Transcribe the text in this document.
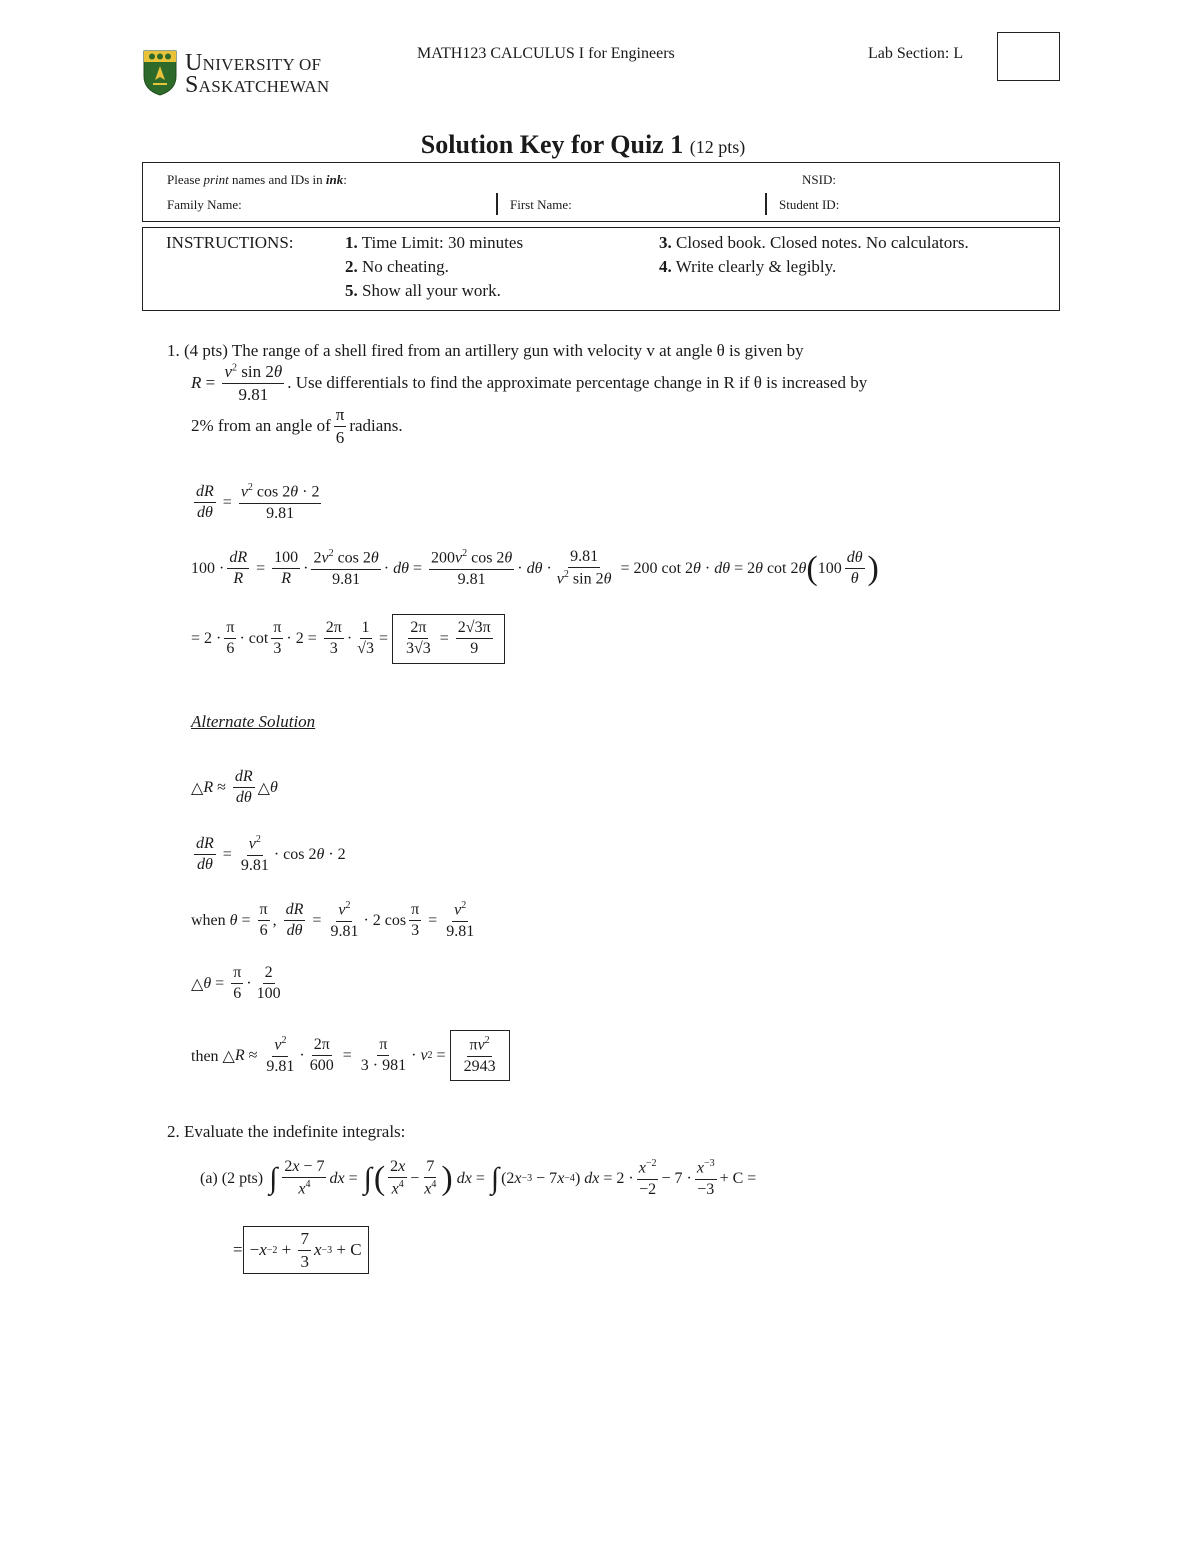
UNIVERSITY OF
SASKATCHEWAN
MATH123 CALCULUS I for Engineers	Lab Section: L
Solution Key for Quiz 1 (12 pts)
Please print names and IDs in ink:	NSID:
Family Name:	First Name:	Student ID:
INSTRUCTIONS:	1. Time Limit: 30 minutes
2. No cheating.
5. Show all your work.
3. Closed book. Closed notes. No calculators.
4. Write clearly & legibly.
1. (4 pts) The range of a shell fired from an artillery gun with velocity v at angle θ is given by
$R = \frac{v^2 \sin 2\theta}{9.81}$ . Use differentials to find the approximate percentage change in R if θ is increased by
2% from an angle of $\frac{\pi}{6}$ radians.
$\frac{dR}{d\theta} = \frac{v^2 \cos 2\theta \cdot 2}{9.81}$
$100 \cdot \frac{dR}{R} = \frac{100}{R} \cdot \frac{2v^2 \cos 2\theta}{9.81} \cdot d\theta = \frac{200v^2 \cos 2\theta}{9.81} \cdot d\theta \cdot \frac{9.81}{v^2 \sin 2\theta} = 200$ cot 2 θ · dθ = 2 θ cot 2 θ ( $100 \frac{d\theta}{\theta}$ )
= $2 \cdot \frac{\pi}{6} \cdot \cot \frac{\pi}{3} \cdot 2 = \frac{2\pi}{3} \cdot \frac{1}{√3} = \frac{2\pi}{3√3} = \frac{2√3\pi}{9}$
Alternate Solution
△ $R \approx \frac{dR}{d\theta}$ △ θ
$\frac{dR}{d\theta} = \frac{v^2}{9.81} \cdot \cos 2$ θ · 2
when $\theta = \frac{\pi}{6}$ , $\frac{dR}{d\theta} = \frac{v^2}{9.81} \cdot 2$ $\cos \frac{\pi}{3} = \frac{v^2}{9.81}$
△ $\theta = \frac{\pi}{6} \cdot \frac{2}{100}$
then △ $R \approx \frac{v^2}{9.81} \cdot \frac{2\pi}{600} = \frac{\pi}{3 \cdot 981} \cdot v$ $2 = \frac{\pi v^2}{2943}$
2. Evaluate the indefinite integrals:
(a) (2 pts)
∫ $\frac{2x - 7}{x^4}$ dx = ∫ ( $\frac{2x}{x^4} - \frac{7}{x^4}$ ) dx = ∫ (2 x −3 − 7 x −4 ) dx = $2 \cdot \frac{x^{-2}}{-2} - 7 \cdot \frac{x^{-3}}{-3} + C$ =
= − $x -2 + \frac{7}{3}$ x −3 + C
